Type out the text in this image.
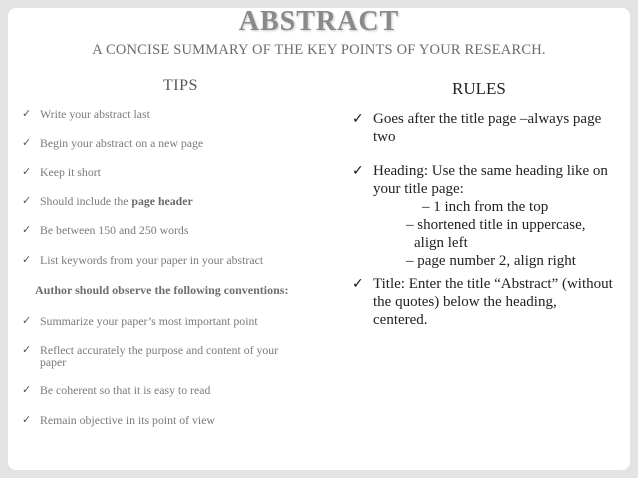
ABSTRACT
A CONCISE SUMMARY OF THE KEY POINTS OF YOUR RESEARCH.
TIPS	RULES
✓ Write your abstract last
✓ Begin your abstract on a new page
✓ Keep it short
✓ Should include the page header
✓ Be between 150 and 250 words
✓ List keywords from your paper in your abstract
Author should observe the following conventions:
✓ Summarize your paper’s most important point
✓ Reflect accurately the purpose and content of your paper
✓ Be coherent so that it is easy to read
✓ Remain objective in its point of view
✓ Goes after the title page –always page two
✓ Heading: Use the same heading like on your title page:
– 1 inch from the top
– shortened title in uppercase,
align left
– page number 2, align right
✓ Title: Enter the title “Abstract” (without the quotes) below the heading, centered.
